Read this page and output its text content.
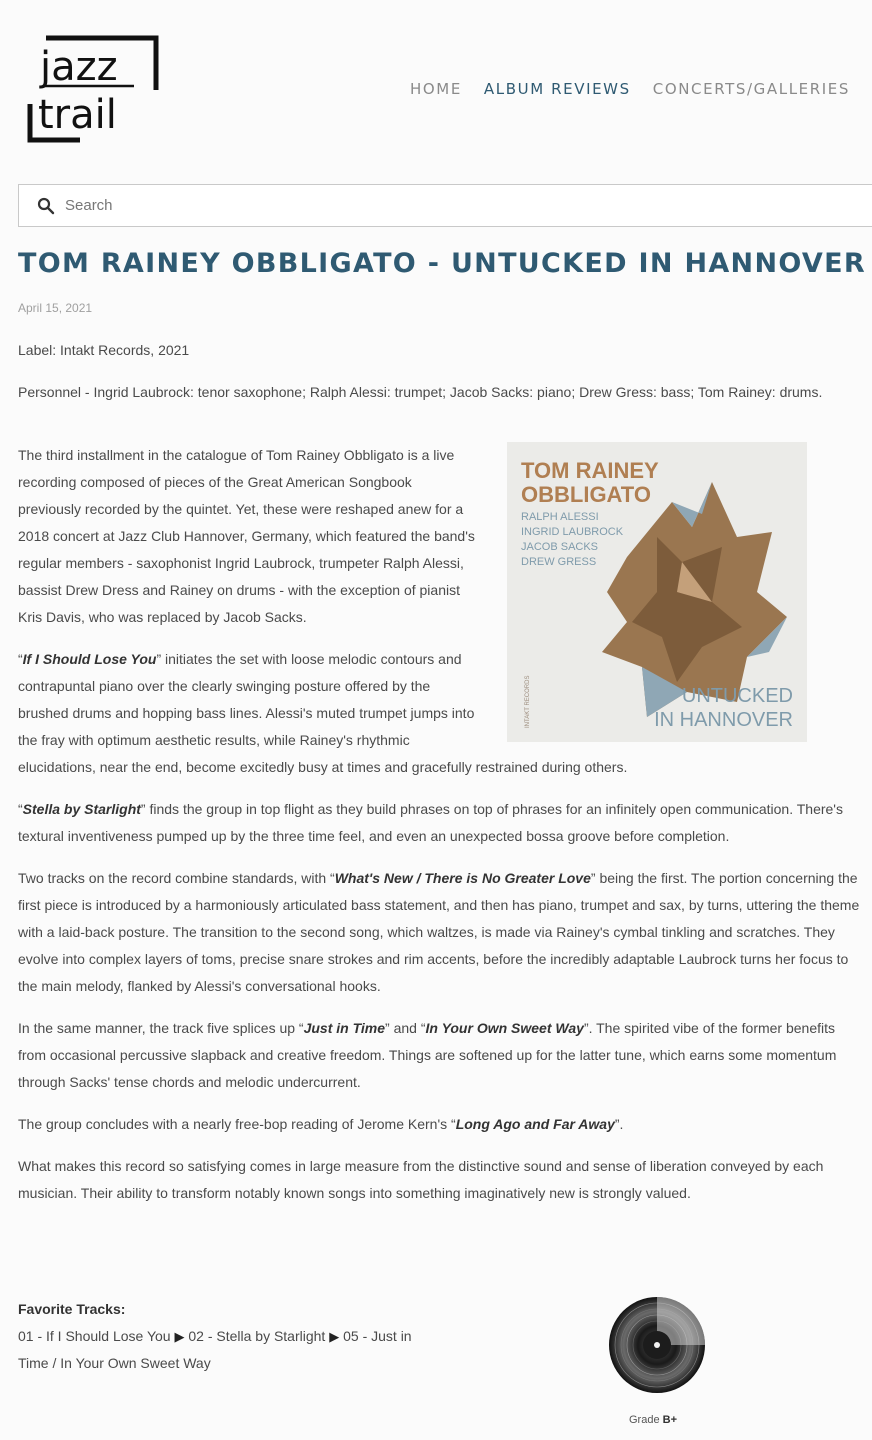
jazz
trail
HOME ALBUM REVIEWS CONCERTS/GALLERIES
Search
TOM RAINEY OBBLIGATO - UNTUCKED IN HANNOVER
April 15, 2021
Label: Intakt Records, 2021
Personnel - Ingrid Laubrock: tenor saxophone; Ralph Alessi: trumpet; Jacob Sacks: piano; Drew Gress: bass; Tom Rainey: drums.
TOM RAINEY
OBBLIGATO
RALPH ALESSI
INGRID LAUBROCK
JACOB SACKS
DREW GRESS
UNTUCKED
IN HANNOVER
INTAKT RECORDS

The third installment in the catalogue of Tom Rainey Obbligato is a live recording composed of pieces of the Great American Songbook previously recorded by the quintet. Yet, these were reshaped anew for a 2018 concert at Jazz Club Hannover, Germany, which featured the band's regular members - saxophonist Ingrid Laubrock, trumpeter Ralph Alessi, bassist Drew Dress and Rainey on drums - with the exception of pianist Kris Davis, who was replaced by Jacob Sacks.

“If I Should Lose You” initiates the set with loose melodic contours and contrapuntal piano over the clearly swinging posture offered by the brushed drums and hopping bass lines. Alessi's muted trumpet jumps into the fray with optimum aesthetic results, while Rainey's rhythmic elucidations, near the end, become excitedly busy at times and gracefully restrained during others.

“Stella by Starlight” finds the group in top flight as they build phrases on top of phrases for an infinitely open communication. There's textural inventiveness pumped up by the three time feel, and even an unexpected bossa groove before completion.

Two tracks on the record combine standards, with “What's New / There is No Greater Love” being the first. The portion concerning the first piece is introduced by a harmoniously articulated bass statement, and then has piano, trumpet and sax, by turns, uttering the theme with a laid-back posture. The transition to the second song, which waltzes, is made via Rainey's cymbal tinkling and scratches. They evolve into complex layers of toms, precise snare strokes and rim accents, before the incredibly adaptable Laubrock turns her focus to the main melody, flanked by Alessi's conversational hooks.

In the same manner, the track five splices up “Just in Time” and “In Your Own Sweet Way”. The spirited vibe of the former benefits from occasional percussive slapback and creative freedom. Things are softened up for the latter tune, which earns some momentum through Sacks' tense chords and melodic undercurrent.

The group concludes with a nearly free-bop reading of Jerome Kern's “Long Ago and Far Away”.

What makes this record so satisfying comes in large measure from the distinctive sound and sense of liberation conveyed by each musician. Their ability to transform notably known songs into something imaginatively new is strongly valued.

Favorite Tracks:
01 - If I Should Lose You ▶ 02 - Stella by Starlight ▶ 05 - Just in Time / In Your Own Sweet Way
Grade B+
